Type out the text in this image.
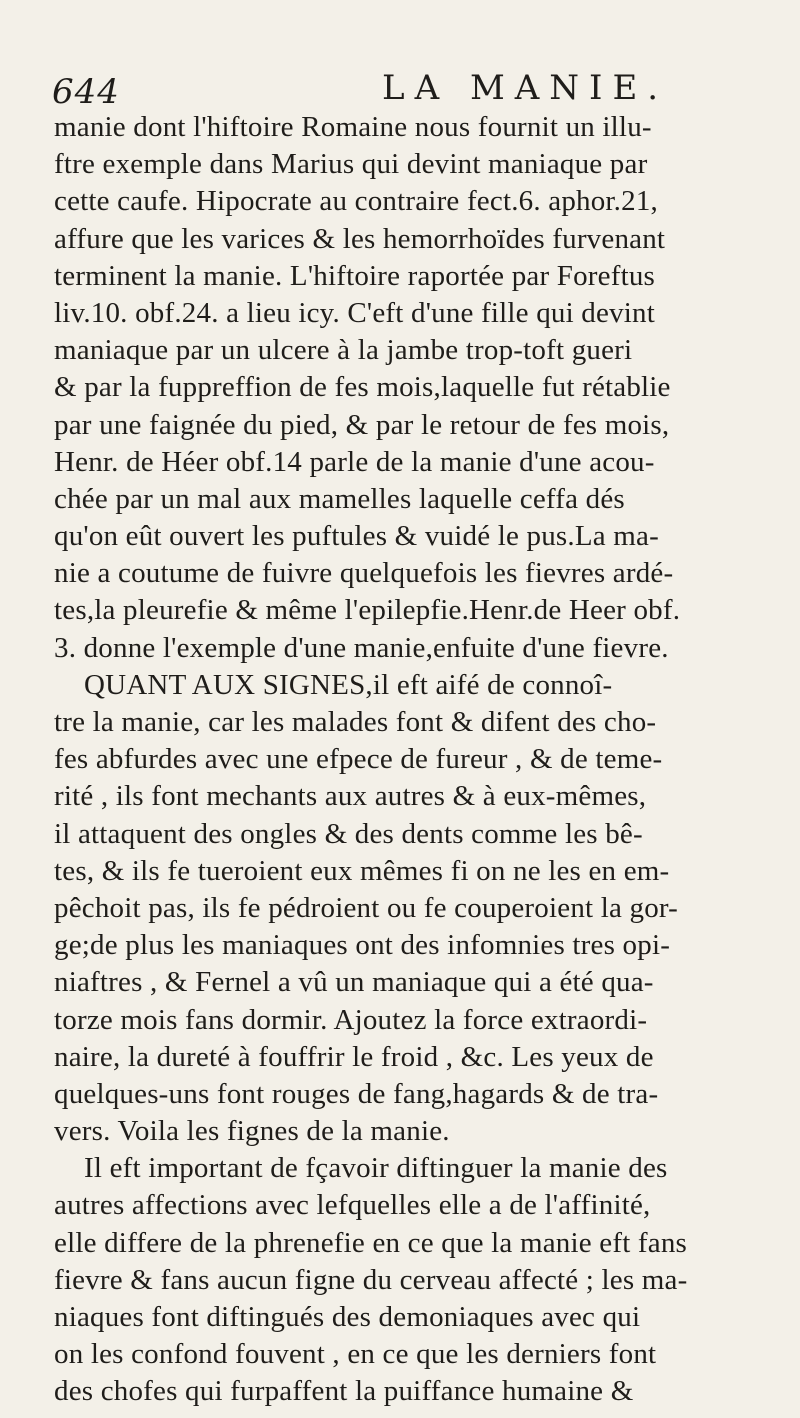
644	LA MANIE.
manie dont l'hiftoire Romaine nous fournit un illu-
ftre exemple dans Marius qui devint maniaque par
cette caufe. Hipocrate au contraire fect.6. aphor.21,
affure que les varices & les hemorrhoïdes furvenant
terminent la manie. L'hiftoire raportée par Foreftus
liv.10. obf.24. a lieu icy. C'eft d'une fille qui devint
maniaque par un ulcere à la jambe trop-toft gueri
& par la fuppreffion de fes mois,laquelle fut rétablie
par une faignée du pied, & par le retour de fes mois,
Henr. de Héer obf.14 parle de la manie d'une acou-
chée par un mal aux mamelles laquelle ceffa dés
qu'on eût ouvert les puftules & vuidé le pus.La ma-
nie a coutume de fuivre quelquefois les fievres ardé-
tes,la pleurefie & même l'epilepfie.Henr.de Heer obf.
3. donne l'exemple d'une manie,enfuite d'une fievre.
QUANT AUX SIGNES,il eft aifé de connoî-
tre la manie, car les malades font & difent des cho-
fes abfurdes avec une efpece de fureur , & de teme-
rité , ils font mechants aux autres & à eux-mêmes,
il attaquent des ongles & des dents comme les bê-
tes, & ils fe tueroient eux mêmes fi on ne les en em-
pêchoit pas, ils fe pédroient ou fe couperoient la gor-
ge;de plus les maniaques ont des infomnies tres opi-
niaftres , & Fernel a vû un maniaque qui a été qua-
torze mois fans dormir. Ajoutez la force extraordi-
naire, la dureté à fouffrir le froid , &c. Les yeux de
quelques-uns font rouges de fang,hagards & de tra-
vers. Voila les fignes de la manie.
Il eft important de fçavoir diftinguer la manie des
autres affections avec lefquelles elle a de l'affinité,
elle differe de la phrenefie en ce que la manie eft fans
fievre & fans aucun figne du cerveau affecté ; les ma-
niaques font diftingués des demoniaques avec qui
on les confond fouvent , en ce que les derniers font
des chofes qui furpaffent la puiffance humaine &
